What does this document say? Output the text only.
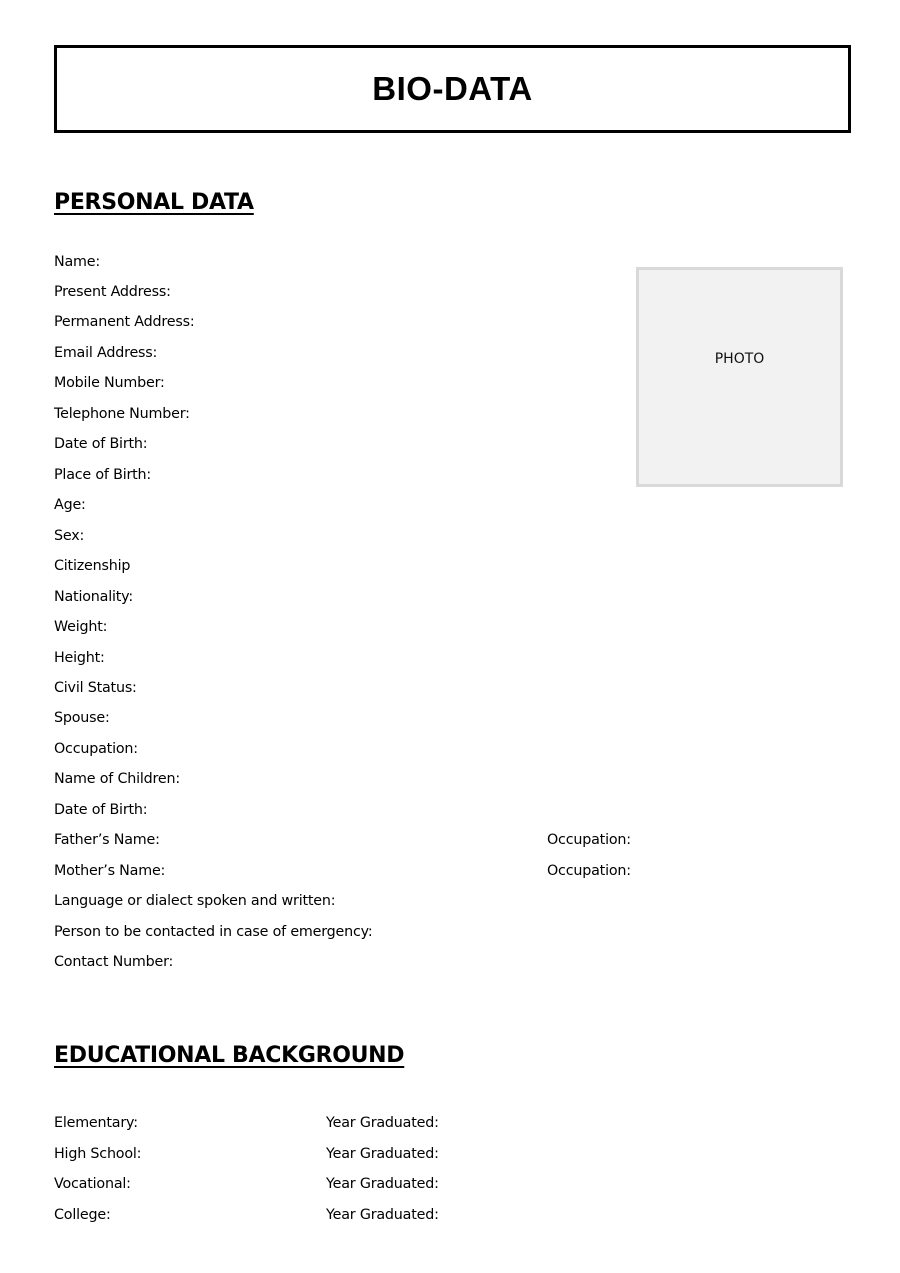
BIO-DATA
PERSONAL DATA
Name:
Present Address:
Permanent Address:
Email Address:
Mobile Number:
Telephone Number:
Date of Birth:
Place of Birth:
Age:
Sex:
Citizenship
Nationality:
Weight:
Height:
Civil Status:
Spouse:
Occupation:
Name of Children:
Date of Birth:
Father’s Name:	Occupation:
Mother’s Name:	Occupation:
Language or dialect spoken and written:
Person to be contacted in case of emergency:
Contact Number:
PHOTO
EDUCATIONAL BACKGROUND
Elementary:	Year Graduated:
High School:	Year Graduated:
Vocational:	Year Graduated:
College:	Year Graduated:
